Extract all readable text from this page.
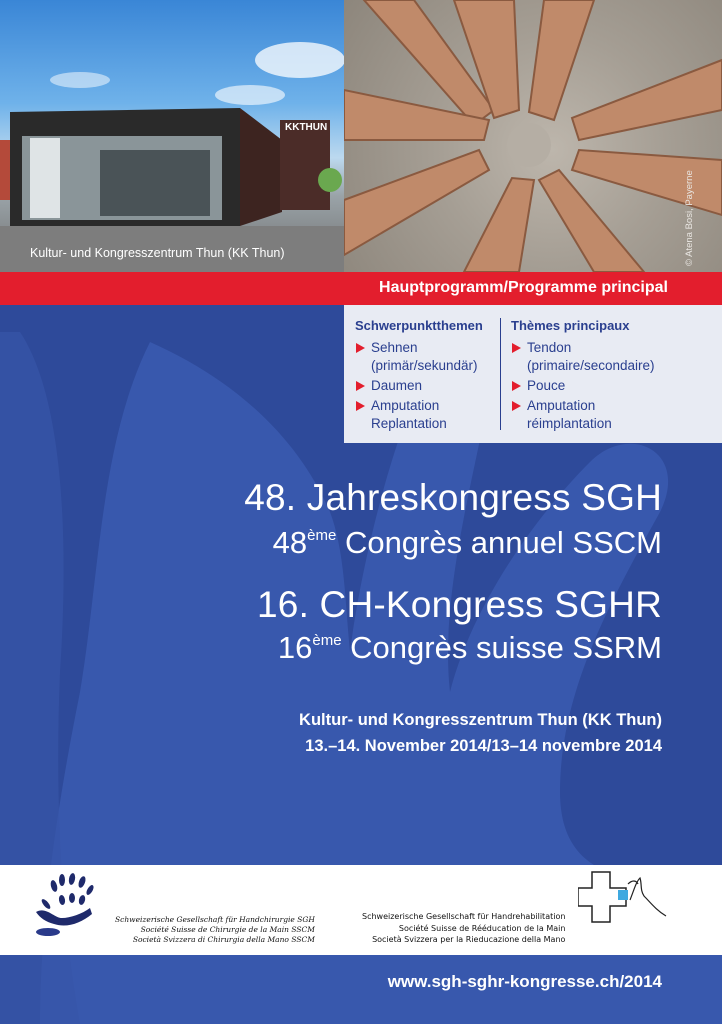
KKTHUN
Kultur- und Kongresszentrum Thun (KK Thun)	© Atena Bosi, Payerne
Hauptprogramm/Programme principal
Schwerpunktthemen
Sehnen
(primär/sekundär)
Daumen
Amputation
Replantation
Thèmes principaux
Tendon
(primaire/secondaire)
Pouce
Amputation
réimplantation
48. Jahreskongress SGH
48ème Congrès annuel SSCM
16. CH-Kongress SGHR
16ème Congrès suisse SSRM
Kultur- und Kongresszentrum Thun (KK Thun)
13.–14. November 2014/13–14 novembre 2014
Schweizerische Gesellschaft für Handchirurgie SGH
Société Suisse de Chirurgie de la Main SSCM
Società Svizzera di Chirurgia della Mano SSCM
Schweizerische Gesellschaft für Handrehabilitation
Société Suisse de Rééducation de la Main
Società Svizzera per la Rieducazione della Mano
www.sgh-sghr-kongresse.ch/2014
